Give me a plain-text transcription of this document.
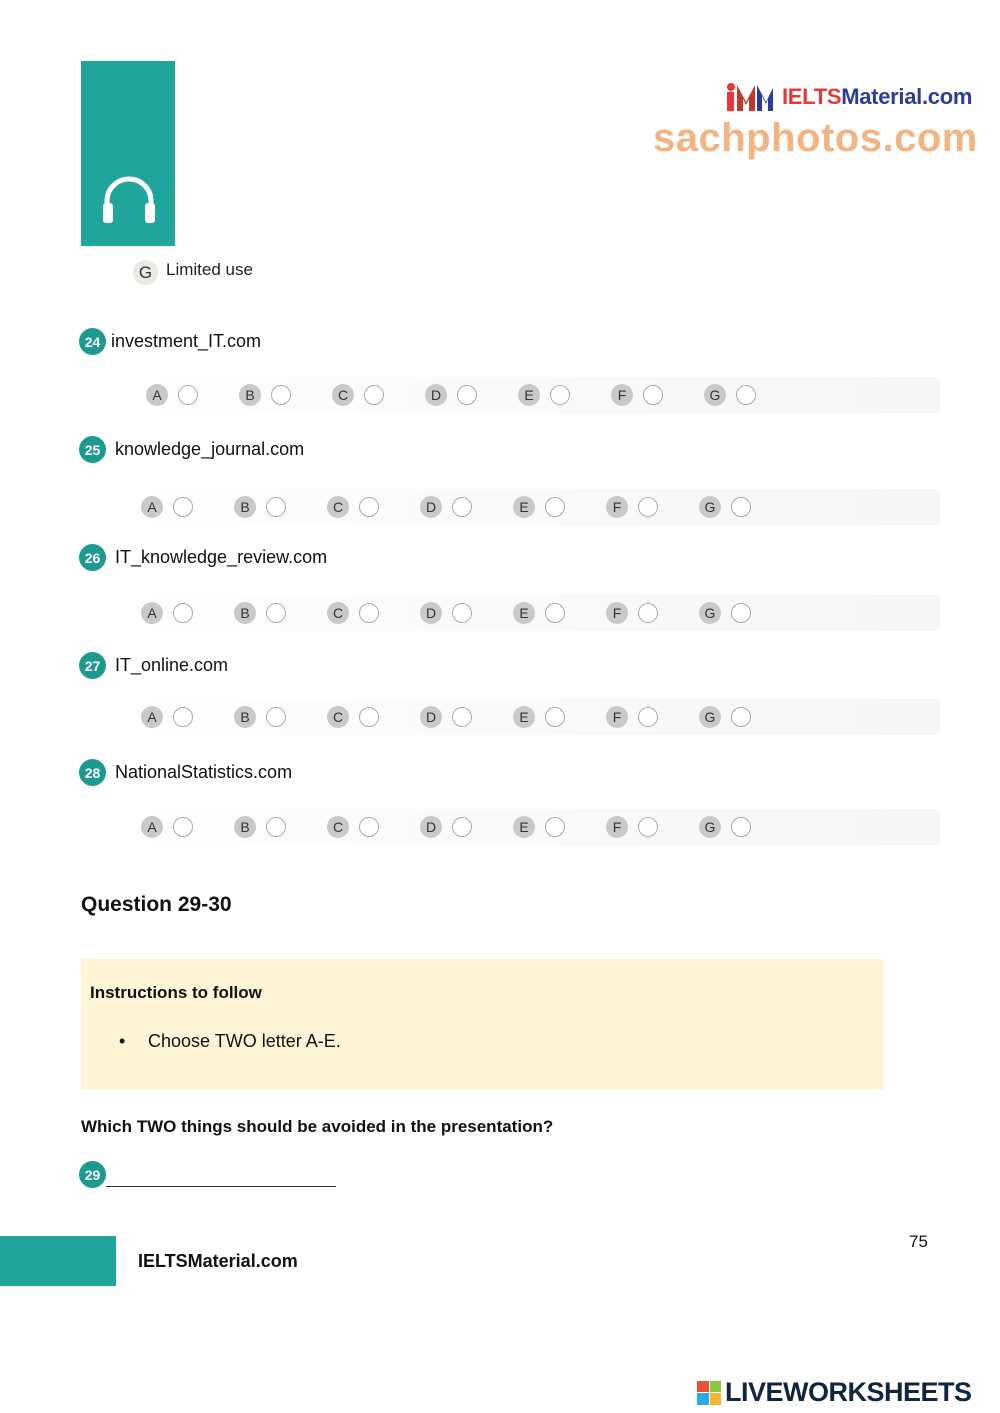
IELTSMaterial.com
sachphotos.com
G Limited use
24 investment_IT.com
A	B	C	D	E	F	G
25 knowledge_journal.com
A	B	C	D	E	F	G
26 IT_knowledge_review.com
A	B	C	D	E	F	G
27 IT_online.com
A	B	C	D	E	F	G
28 NationalStatistics.com
A	B	C	D	E	F	G
Question 29-30
Instructions to follow
• Choose TWO letter A-E.
Which TWO things should be avoided in the presentation?
29
IELTSMaterial.com
75
LIVEWORKSHEETS
